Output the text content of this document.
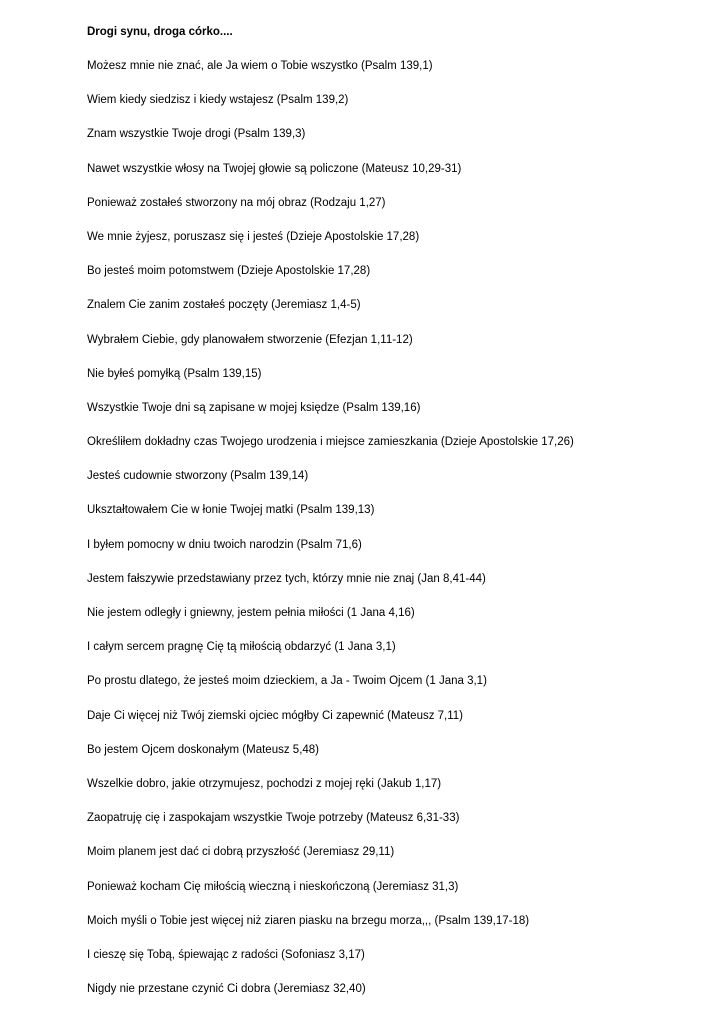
Drogi synu, droga córko....
Możesz mnie nie znać, ale Ja wiem o Tobie wszystko (Psalm 139,1)
Wiem kiedy siedzisz i kiedy wstajesz (Psalm 139,2)
Znam wszystkie Twoje drogi (Psalm 139,3)
Nawet wszystkie włosy na Twojej głowie są policzone (Mateusz 10,29-31)
Ponieważ zostałeś stworzony na mój obraz (Rodzaju 1,27)
We mnie żyjesz, poruszasz się i jesteś (Dzieje Apostolskie 17,28)
Bo jesteś moim potomstwem (Dzieje Apostolskie 17,28)
Znalem Cie zanim zostałeś poczęty (Jeremiasz 1,4-5)
Wybrałem Ciebie, gdy planowałem stworzenie (Efezjan 1,11-12)
Nie byłeś pomyłką (Psalm 139,15)
Wszystkie Twoje dni są zapisane w mojej księdze (Psalm 139,16)
Określiłem dokładny czas Twojego urodzenia i miejsce zamieszkania (Dzieje Apostolskie 17,26)
Jesteś cudownie stworzony (Psalm 139,14)
Ukształtowałem Cie w łonie Twojej matki (Psalm 139,13)
I byłem pomocny w dniu twoich narodzin (Psalm 71,6)
Jestem fałszywie przedstawiany przez tych, którzy mnie nie znaj (Jan 8,41-44)
Nie jestem odległy i gniewny, jestem pełnia miłości (1 Jana 4,16)
I całym sercem pragnę Cię tą miłością obdarzyć (1 Jana 3,1)
Po prostu dlatego, że jesteś moim dzieckiem, a Ja - Twoim Ojcem (1 Jana 3,1)
Daje Ci więcej niż Twój ziemski ojciec mógłby Ci zapewnić (Mateusz 7,11)
Bo jestem Ojcem doskonałym (Mateusz 5,48)
Wszelkie dobro, jakie otrzymujesz, pochodzi z mojej ręki (Jakub 1,17)
Zaopatruję cię i zaspokajam wszystkie Twoje potrzeby (Mateusz 6,31-33)
Moim planem jest dać ci dobrą przyszłość (Jeremiasz 29,11)
Ponieważ kocham Cię miłością wieczną i nieskończoną (Jeremiasz 31,3)
Moich myśli o Tobie jest więcej niż ziaren piasku na brzegu morza,,, (Psalm 139,17-18)
I cieszę się Tobą, śpiewając z radości (Sofoniasz 3,17)
Nigdy nie przestane czynić Ci dobra (Jeremiasz 32,40)
